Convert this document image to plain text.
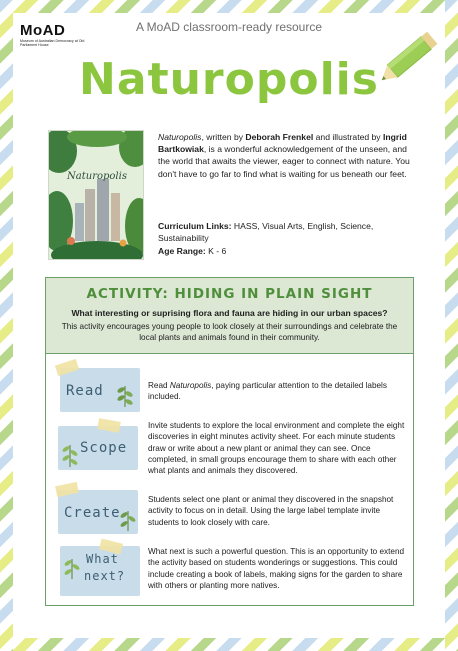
MoAD
Museum of Australian Democracy at Old Parliament House
A MoAD classroom-ready resource
Naturopolis
Naturopolis
Naturopolis, written by Deborah Frenkel and illustrated by Ingrid Bartkowiak, is a wonderful acknowledgement of the unseen, and the world that awaits the viewer, eager to connect with nature. You don't have to go far to find what is waiting for us beneath our feet.
Curriculum Links: HASS, Visual Arts, English, Science, Sustainability
Age Range: K - 6
ACTIVITY: HIDING IN PLAIN SIGHT
What interesting or suprising flora and fauna are hiding in our urban spaces?
This activity encourages young people to look closely at their surroundings and celebrate the local plants and animals found in their community.
Read	Read Naturopolis, paying particular attention to the detailed labels included.
Scope
Invite students to explore the local environment and complete the eight discoveries in eight minutes activity sheet. For each minute students draw or write about a new plant or animal they can see. Once completed, in small groups encourage them to share with each other what plants and animals they discovered.
Create
Students select one plant or animal they discovered in the snapshot activity to focus on in detail. Using the large label template invite students to look closely with care.
What
next?
What next is such a powerful question. This is an opportunity to extend the activity based on students wonderings or suggestions. This could include creating a book of labels, making signs for the garden to share with others or planting more natives.
